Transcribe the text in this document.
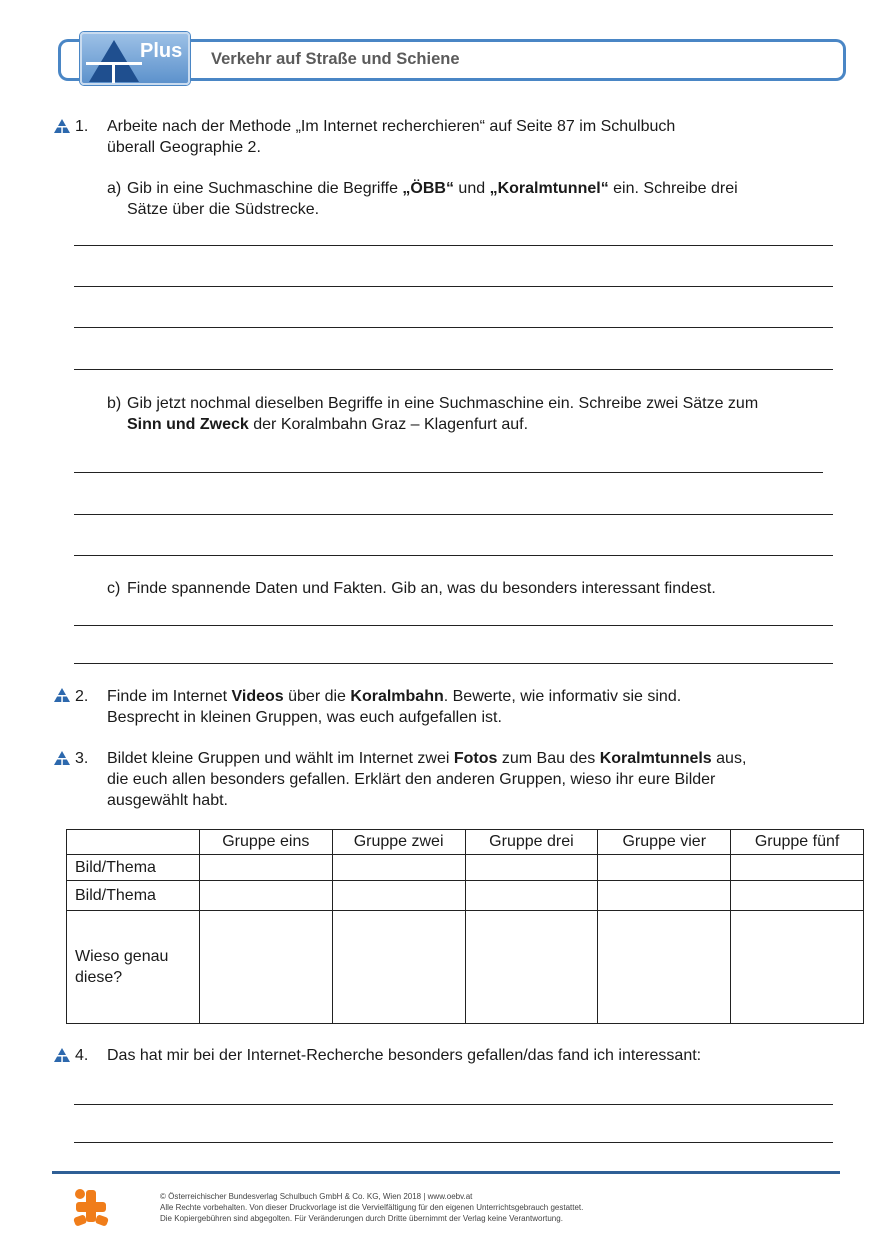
Plus Verkehr auf Straße und Schiene
1. Arbeite nach der Methode „Im Internet recherchieren“ auf Seite 87 im Schulbuch
überall Geographie 2.
a) Gib in eine Suchmaschine die Begriffe „ÖBB“ und „Koralmtunnel“ ein. Schreibe drei
Sätze über die Südstrecke.
b) Gib jetzt nochmal dieselben Begriffe in eine Suchmaschine ein. Schreibe zwei Sätze zum
Sinn und Zweck der Koralmbahn Graz – Klagenfurt auf.
c) Finde spannende Daten und Fakten. Gib an, was du besonders interessant findest.
2. Finde im Internet Videos über die Koralmbahn. Bewerte, wie informativ sie sind.
Besprecht in kleinen Gruppen, was euch aufgefallen ist.
3. Bildet kleine Gruppen und wählt im Internet zwei Fotos zum Bau des Koralmtunnels aus,
die euch allen besonders gefallen. Erklärt den anderen Gruppen, wieso ihr eure Bilder
ausgewählt habt.
	Gruppe eins	Gruppe zwei	Gruppe drei	Gruppe vier	Gruppe fünf
Bild/Thema					
Bild/Thema					
Wieso genau
diese?					
4. Das hat mir bei der Internet-Recherche besonders gefallen/das fand ich interessant:
© Österreichischer Bundesverlag Schulbuch GmbH & Co. KG, Wien 2018 | www.oebv.at
Alle Rechte vorbehalten. Von dieser Druckvorlage ist die Vervielfältigung für den eigenen Unterrichtsgebrauch gestattet.
Die Kopiergebühren sind abgegolten. Für Veränderungen durch Dritte übernimmt der Verlag keine Verantwortung.
